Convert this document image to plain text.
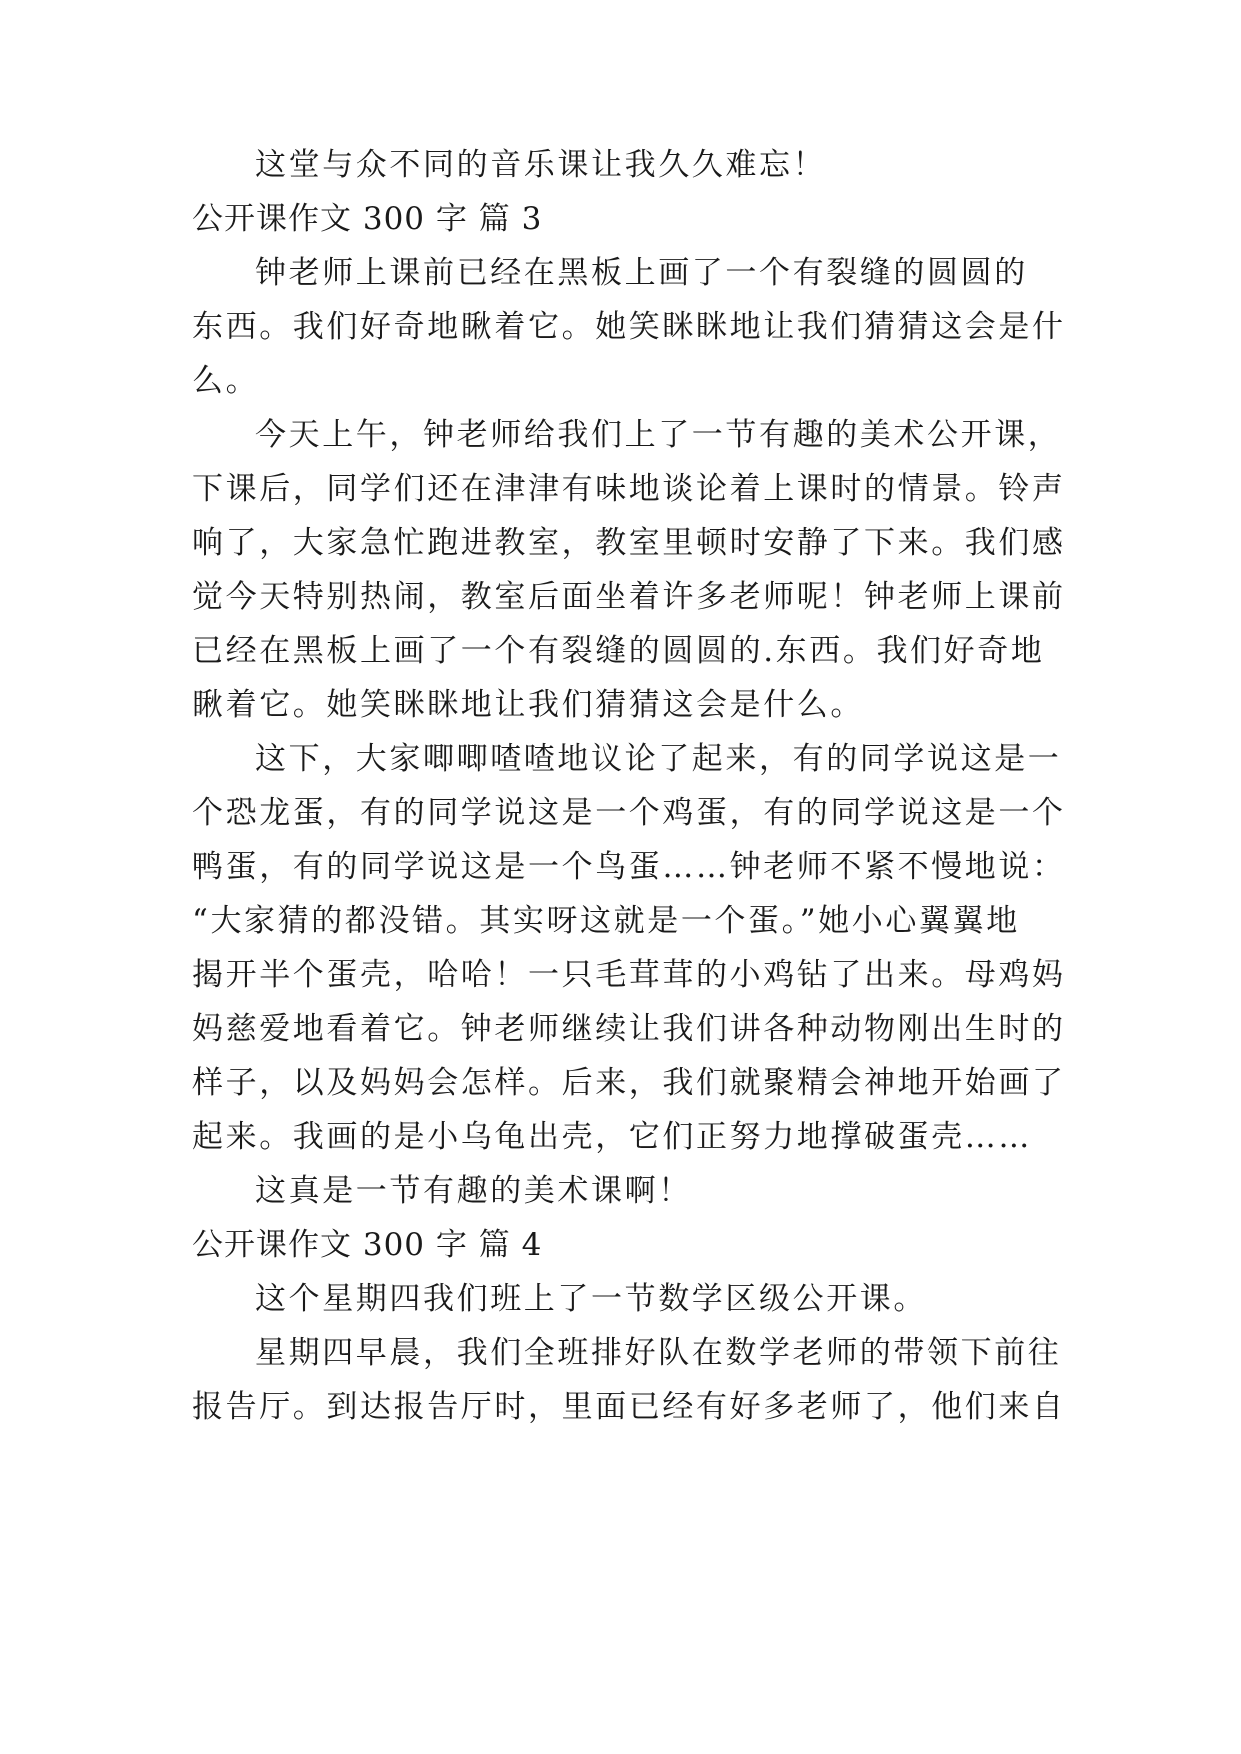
这堂与众不同的音乐课让我久久难忘！
公开课作文 300 字 篇 3
钟老师上课前已经在黑板上画了一个有裂缝的圆圆的
东西。我们好奇地瞅着它。她笑眯眯地让我们猜猜这会是什
么。
今天上午，钟老师给我们上了一节有趣的美术公开课，
下课后，同学们还在津津有味地谈论着上课时的情景。铃声
响了，大家急忙跑进教室，教室里顿时安静了下来。我们感
觉今天特别热闹，教室后面坐着许多老师呢！钟老师上课前
已经在黑板上画了一个有裂缝的圆圆的.东西。我们好奇地
瞅着它。她笑眯眯地让我们猜猜这会是什么。
这下，大家唧唧喳喳地议论了起来，有的同学说这是一
个恐龙蛋，有的同学说这是一个鸡蛋，有的同学说这是一个
鸭蛋，有的同学说这是一个鸟蛋……钟老师不紧不慢地说：
“大家猜的都没错。其实呀这就是一个蛋。”她小心翼翼地
揭开半个蛋壳，哈哈！一只毛茸茸的小鸡钻了出来。母鸡妈
妈慈爱地看着它。钟老师继续让我们讲各种动物刚出生时的
样子，以及妈妈会怎样。后来，我们就聚精会神地开始画了
起来。我画的是小乌龟出壳，它们正努力地撑破蛋壳……
这真是一节有趣的美术课啊！
公开课作文 300 字 篇 4
这个星期四我们班上了一节数学区级公开课。
星期四早晨，我们全班排好队在数学老师的带领下前往
报告厅。到达报告厅时，里面已经有好多老师了，他们来自
